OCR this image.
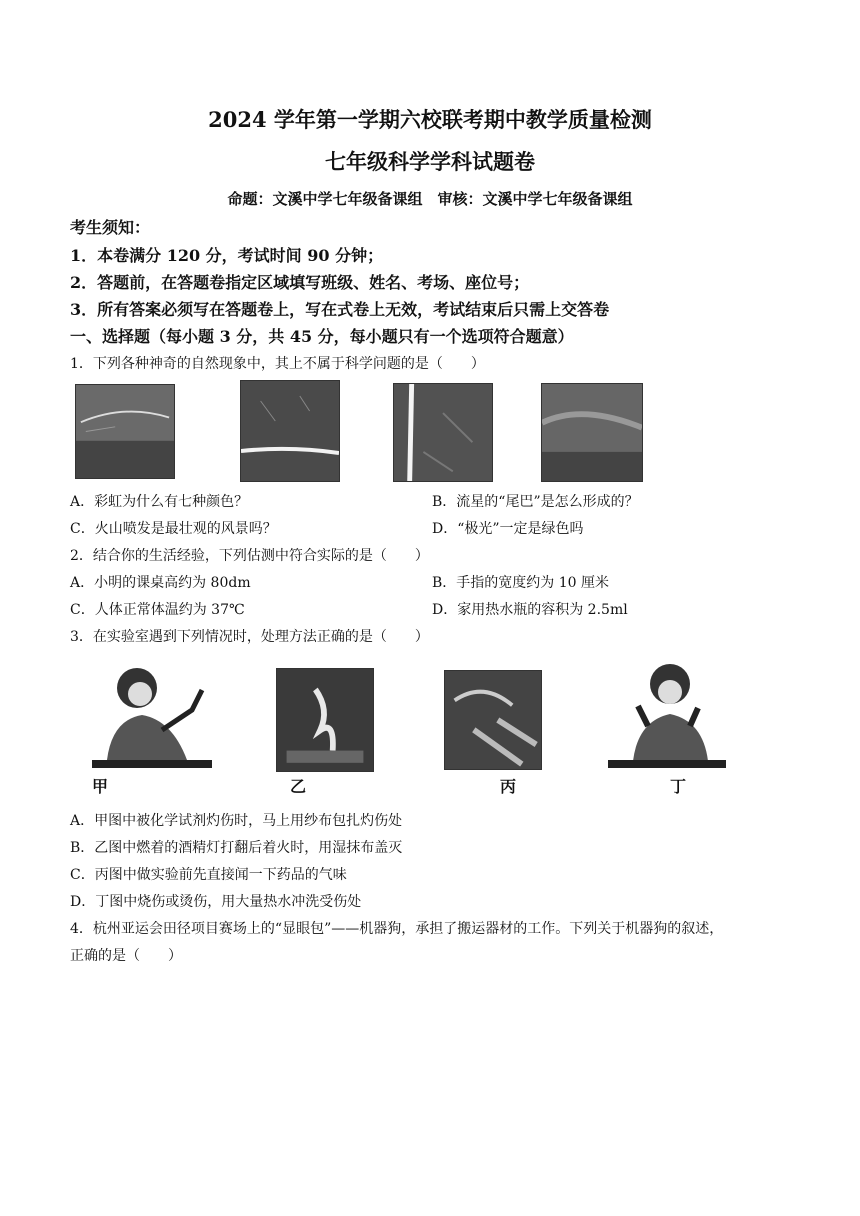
2024 学年第一学期六校联考期中教学质量检测
七年级科学学科试题卷
命题：文溪中学七年级备课组　审核：文溪中学七年级备课组
考生须知：
1．本卷满分 120 分，考试时间 90 分钟；
2．答题前，在答题卷指定区域填写班级、姓名、考场、座位号；
3．所有答案必须写在答题卷上，写在式卷上无效，考试结束后只需上交答卷
一、选择题（每小题 3 分，共 45 分，每小题只有一个选项符合题意）
1．下列各种神奇的自然现象中，其上不属于科学问题的是（　　）
A．彩虹为什么有七种颜色？	B．流星的“尾巴”是怎么形成的？
C．火山喷发是最壮观的风景吗？	D．“极光”一定是绿色吗
2．结合你的生活经验，下列估测中符合实际的是（　　）
A．小明的课桌高约为 80dm	B．手指的宽度约为 10 厘米
C．人体正常体温约为 37℃	D．家用热水瓶的容积为 2.5ml
3．在实验室遇到下列情况时，处理方法正确的是（　　）
甲	乙	丙	丁
A．甲图中被化学试剂灼伤时，马上用纱布包扎灼伤处
B．乙图中燃着的酒精灯打翻后着火时，用湿抹布盖灭
C．丙图中做实验前先直接闻一下药品的气味
D．丁图中烧伤或烫伤，用大量热水冲洗受伤处
4．杭州亚运会田径项目赛场上的“显眼包”——机器狗，承担了搬运器材的工作。下列关于机器狗的叙述，
正确的是（　　）
